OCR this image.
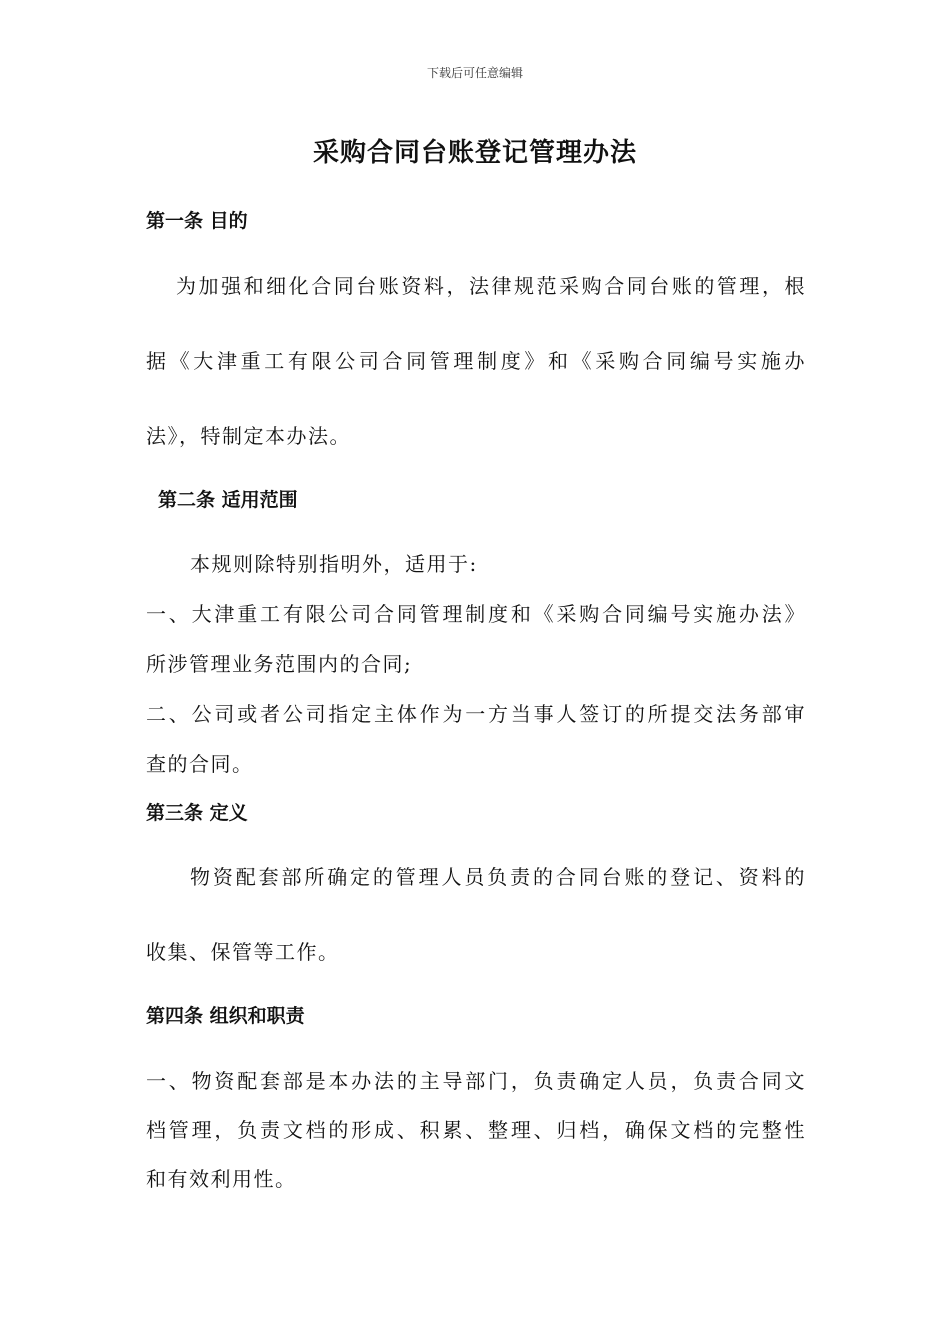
下载后可任意编辑
采购合同台账登记管理办法
第一条 目的
为加强和细化合同台账资料，法律规范采购合同台账的管理，根
据《大津重工有限公司合同管理制度》和《采购合同编号实施办
法》，特制定本办法。
第二条 适用范围
本规则除特别指明外，适用于:
一、大津重工有限公司合同管理制度和《采购合同编号实施办法》
所涉管理业务范围内的合同;
二、公司或者公司指定主体作为一方当事人签订的所提交法务部审
查的合同。
第三条 定义
物资配套部所确定的管理人员负责的合同台账的登记、资料的
收集、保管等工作。
第四条 组织和职责
一、物资配套部是本办法的主导部门，负责确定人员，负责合同文
档管理，负责文档的形成、积累、整理、归档，确保文档的完整性
和有效利用性。
